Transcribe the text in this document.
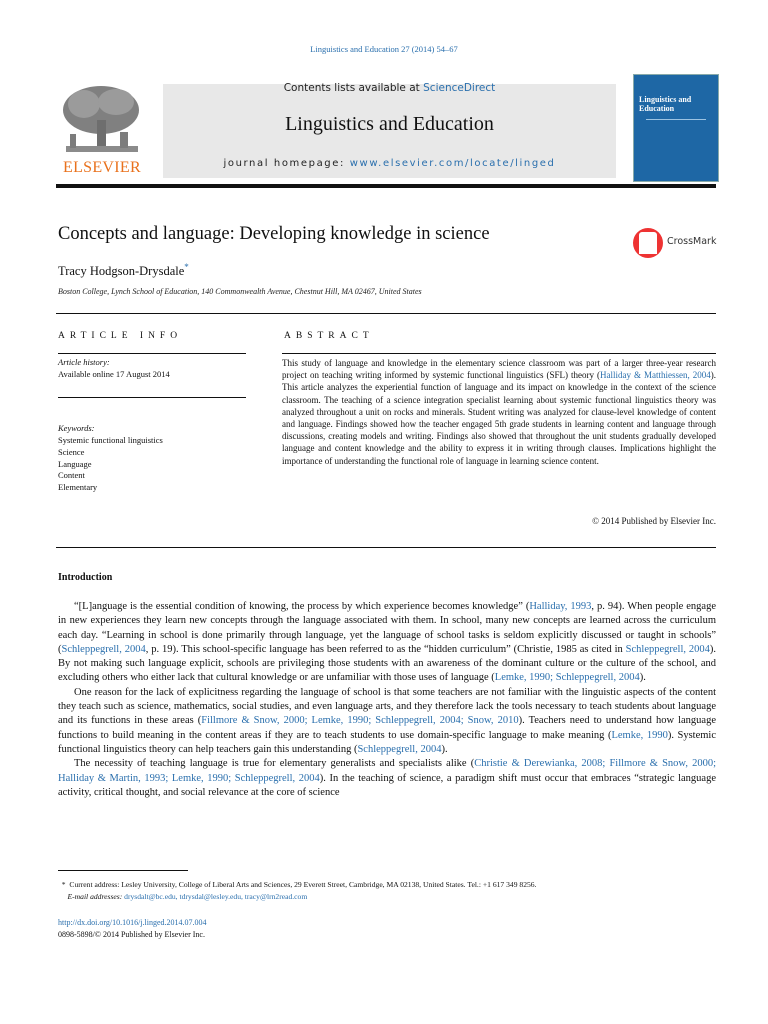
Linguistics and Education 27 (2014) 54–67
ELSEVIER
Contents lists available at ScienceDirect
Linguistics and Education
journal homepage: www.elsevier.com/locate/linged
Linguistics and Education
Concepts and language: Developing knowledge in science	CrossMark
Tracy Hodgson-Drysdale*
Boston College, Lynch School of Education, 140 Commonwealth Avenue, Chestnut Hill, MA 02467, United States
ARTICLE INFO	ABSTRACT
Article history:
Available online 17 August 2014
Keywords:
Systemic functional linguistics
Science
Language
Content
Elementary
This study of language and knowledge in the elementary science classroom was part of a larger three-year research project on teaching writing informed by systemic functional linguistics (SFL) theory (Halliday & Matthiessen, 2004). This article analyzes the experiential function of language and its impact on knowledge in the context of the science classroom. The teaching of a science integration specialist learning about systemic functional linguistics theory was analyzed throughout a unit on rocks and minerals. Student writing was analyzed for clause-level knowledge of content and language. Findings showed how the teacher engaged 5th grade students in learning content and language through discussions, creating models and writing. Findings also showed that throughout the unit students gradually developed language and content knowledge and the ability to express it in writing through clauses. Implications highlight the importance of understanding the functional role of language in learning science content.
© 2014 Published by Elsevier Inc.
Introduction

“[L]anguage is the essential condition of knowing, the process by which experience becomes knowledge” (Halliday, 1993, p. 94). When people engage in new experiences they learn new concepts through the language associated with them. In school, many new concepts are learned across the curriculum each day. “Learning in school is done primarily through language, yet the language of school tasks is seldom explicitly discussed or taught in schools” (Schleppegrell, 2004, p. 19). This school-specific language has been referred to as the “hidden curriculum” (Christie, 1985 as cited in Schleppegrell, 2004). By not making such language explicit, schools are privileging those students with an awareness of the dominant culture or the culture of the school, and excluding others who either lack that cultural knowledge or are unfamiliar with those uses of language (Lemke, 1990; Schleppegrell, 2004).

One reason for the lack of explicitness regarding the language of school is that some teachers are not familiar with the linguistic aspects of the content they teach such as science, mathematics, social studies, and even language arts, and they therefore lack the tools necessary to teach students about language and its functions in these areas (Fillmore & Snow, 2000; Lemke, 1990; Schleppegrell, 2004; Snow, 2010). Teachers need to understand how language functions to build meaning in the content areas if they are to teach students to use domain-specific language to make meaning (Lemke, 1990). Systemic functional linguistics theory can help teachers gain this understanding (Schleppegrell, 2004).

The necessity of teaching language is true for elementary generalists and specialists alike (Christie & Derewianka, 2008; Fillmore & Snow, 2000; Halliday & Martin, 1993; Lemke, 1990; Schleppegrell, 2004). In the teaching of science, a paradigm shift must occur that embraces “strategic language activity, critical thought, and social relevance at the core of science

* Current address: Lesley University, College of Liberal Arts and Sciences, 29 Everett Street, Cambridge, MA 02138, United States. Tel.: +1 617 349 8256.
E-mail addresses: drysdalt@bc.edu, tdrysdal@lesley.edu, tracy@lrn2read.com
http://dx.doi.org/10.1016/j.linged.2014.07.004
0898-5898/© 2014 Published by Elsevier Inc.
